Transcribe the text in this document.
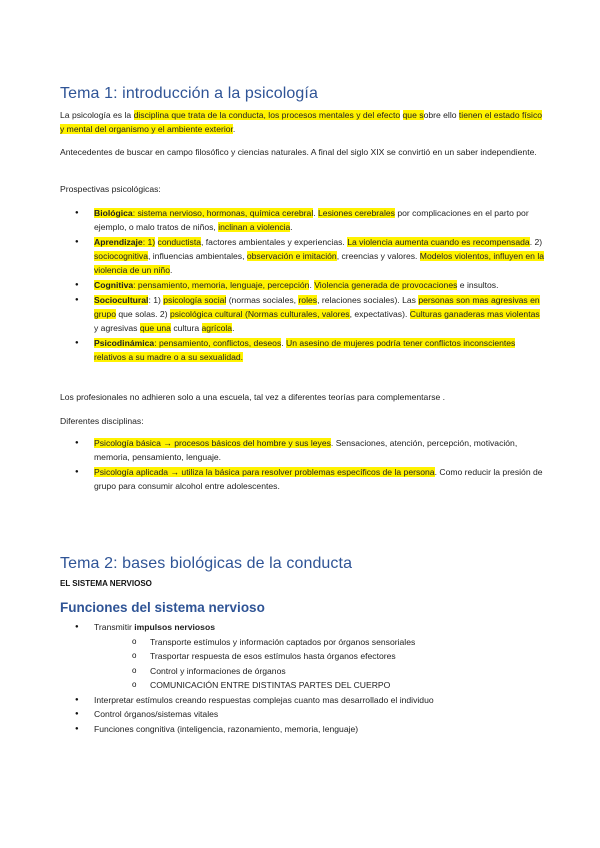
Tema 1: introducción a la psicología

La psicología es la disciplina que trata de la conducta, los procesos mentales y del efecto que sobre ello tienen el estado físico y mental del organismo y el ambiente exterior.

Antecedentes de buscar en campo filosófico y ciencias naturales. A final del siglo XIX se convirtió en un saber independiente.

Prospectivas psicológicas:

● Biológica: sistema nervioso, hormonas, química cerebral. Lesiones cerebrales por complicaciones en el parto por ejemplo, o malo tratos de niños, inclinan a violencia.
● Aprendizaje: 1) conductista, factores ambientales y experiencias. La violencia aumenta cuando es recompensada. 2) sociocognitiva, influencias ambientales, observación e imitación, creencias y valores. Modelos violentos, influyen en la violencia de un niño.
● Cognitiva: pensamiento, memoria, lenguaje, percepción. Violencia generada de provocaciones e insultos.
● Sociocultural: 1) psicología social (normas sociales, roles, relaciones sociales). Las personas son mas agresivas en grupo que solas. 2) psicológica cultural (Normas culturales, valores, expectativas). Culturas ganaderas mas violentas y agresivas que una cultura agrícola.
● Psicodinámica: pensamiento, conflictos, deseos. Un asesino de mujeres podría tener conflictos inconscientes relativos a su madre o a su sexualidad.

Los profesionales no adhieren solo a una escuela, tal vez a diferentes teorías para complementarse .

Diferentes disciplinas:

● Psicología básica → procesos básicos del hombre y sus leyes. Sensaciones, atención, percepción, motivación, memoria, pensamiento, lenguaje.
● Psicología aplicada → utiliza la básica para resolver problemas específicos de la persona. Como reducir la presión de grupo para consumir alcohol entre adolescentes.
Tema 2: bases biológicas de la conducta

EL SISTEMA NERVIOSO

Funciones del sistema nervioso
● Transmitir impulsos nerviosos
o Transporte estímulos y información captados por órganos sensoriales
o Trasportar respuesta de esos estímulos hasta órganos efectores
o Control y informaciones de órganos
o COMUNICACIÓN ENTRE DISTINTAS PARTES DEL CUERPO
● Interpretar estímulos creando respuestas complejas cuanto mas desarrollado el individuo
● Control órganos/sistemas vitales
● Funciones congnitiva (inteligencia, razonamiento, memoria, lenguaje)
